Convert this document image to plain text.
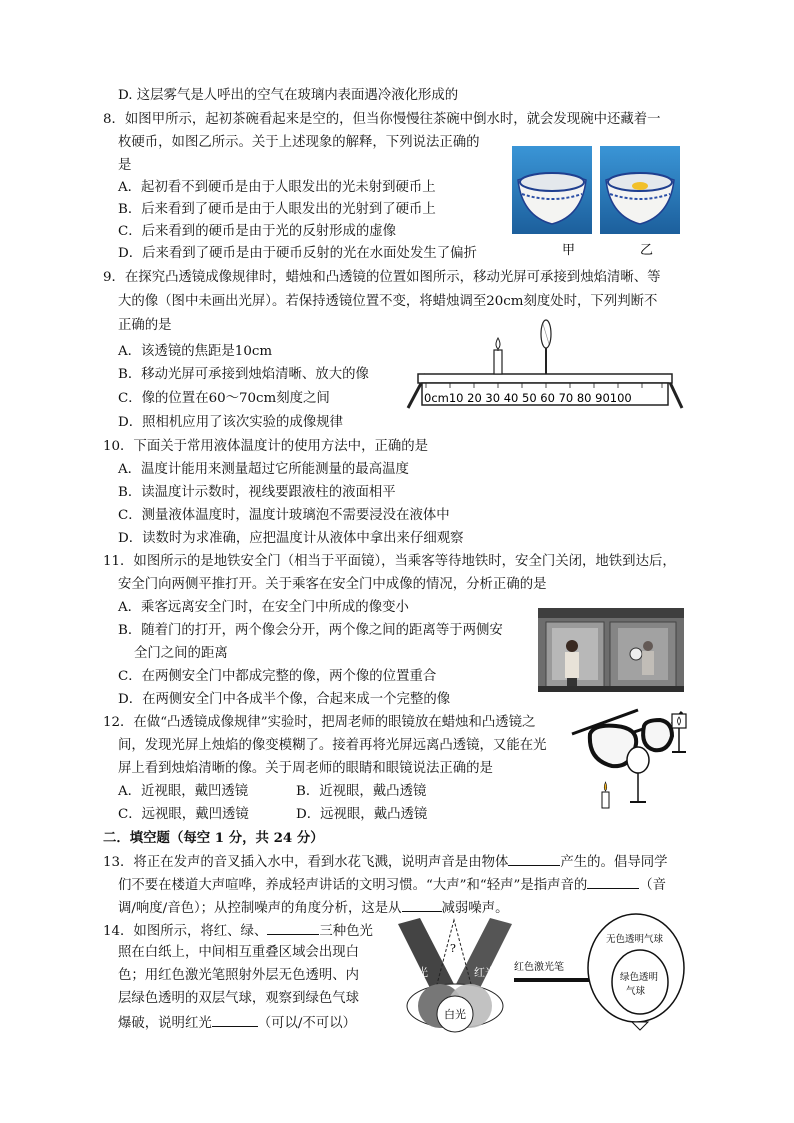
D. 这层雾气是人呼出的空气在玻璃内表面遇冷液化形成的
8．如图甲所示，起初茶碗看起来是空的，但当你慢慢往茶碗中倒水时，就会发现碗中还藏着一
枚硬币，如图乙所示。关于上述现象的解释，下列说法正确的
是
A．起初看不到硬币是由于人眼发出的光未射到硬币上
B．后来看到了硬币是由于人眼发出的光射到了硬币上
C．后来看到的硬币是由于光的反射形成的虚像
D．后来看到了硬币是由于硬币反射的光在水面处发生了偏折	甲	乙
9．在探究凸透镜成像规律时，蜡烛和凸透镜的位置如图所示，移动光屏可承接到烛焰清晰、等
大的像（图中未画出光屏）。若保持透镜位置不变，将蜡烛调至20cm刻度处时，下列判断不
正确的是
A．该透镜的焦距是10cm
B．移动光屏可承接到烛焰清晰、放大的像
C．像的位置在60～70cm刻度之间
D．照相机应用了该次实验的成像规律
0cm10 20 30 40 50 60 70 80 90100
10．下面关于常用液体温度计的使用方法中，正确的是
A．温度计能用来测量超过它所能测量的最高温度
B．读温度计示数时，视线要跟液柱的液面相平
C．测量液体温度时，温度计玻璃泡不需要浸没在液体中
D．读数时为求准确，应把温度计从液体中拿出来仔细观察
11．如图所示的是地铁安全门（相当于平面镜），当乘客等待地铁时，安全门关闭，地铁到达后，
安全门向两侧平推打开。关于乘客在安全门中成像的情况，分析正确的是
A．乘客远离安全门时，在安全门中所成的像变小
B．随着门的打开，两个像会分开，两个像之间的距离等于两侧安
全门之间的距离
C．在两侧安全门中都成完整的像，两个像的位置重合
D．在两侧安全门中各成半个像，合起来成一个完整的像
12．在做“凸透镜成像规律”实验时，把周老师的眼镜放在蜡烛和凸透镜之
间，发现光屏上烛焰的像变模糊了。接着再将光屏远离凸透镜，又能在光
屏上看到烛焰清晰的像。关于周老师的眼睛和眼镜说法正确的是
A．近视眼，戴凹透镜	B．近视眼，戴凸透镜
C．远视眼，戴凹透镜	D．远视眼，戴凸透镜
二．填空题（每空 1 分，共 24 分）
13．将正在发声的音叉插入水中，看到水花飞溅，说明声音是由物体	产生的。倡导同学
们不要在楼道大声喧哗，养成轻声讲话的文明习惯。“大声”和“轻声”是指声音的	（音
调/响度/音色）；从控制噪声的角度分析，这是从	减弱噪声。
14．如图所示，将红、绿、	三种色光
照在白纸上，中间相互重叠区域会出现白
色；用红色激光笔照射外层无色透明、内
层绿色透明的双层气球，观察到绿色气球
爆破，说明红光	（可以/不可以）
?
绿光	红光
白光
红色激光笔
无色透明气球
绿色透明
气球
